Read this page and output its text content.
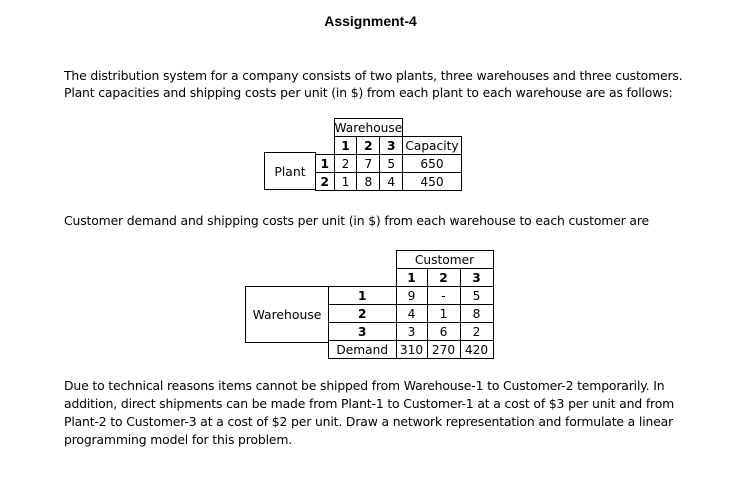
Assignment-4
The distribution system for a company consists of two plants, three warehouses and three customers.
Plant capacities and shipping costs per unit (in $) from each plant to each warehouse are as follows:
Plant
	Warehouse			
	1	2	3	Capacity
1	2	7	5	650
2	1	8	4	450
Customer demand and shipping costs per unit (in $) from each warehouse to each customer are
Warehouse
	Customer		
	1	2	3
1	9	-	5
2	4	1	8
3	3	6	2
Demand	310	270	420
Due to technical reasons items cannot be shipped from Warehouse-1 to Customer-2 temporarily. In
addition, direct shipments can be made from Plant-1 to Customer-1 at a cost of $3 per unit and from
Plant-2 to Customer-3 at a cost of $2 per unit. Draw a network representation and formulate a linear
programming model for this problem.
